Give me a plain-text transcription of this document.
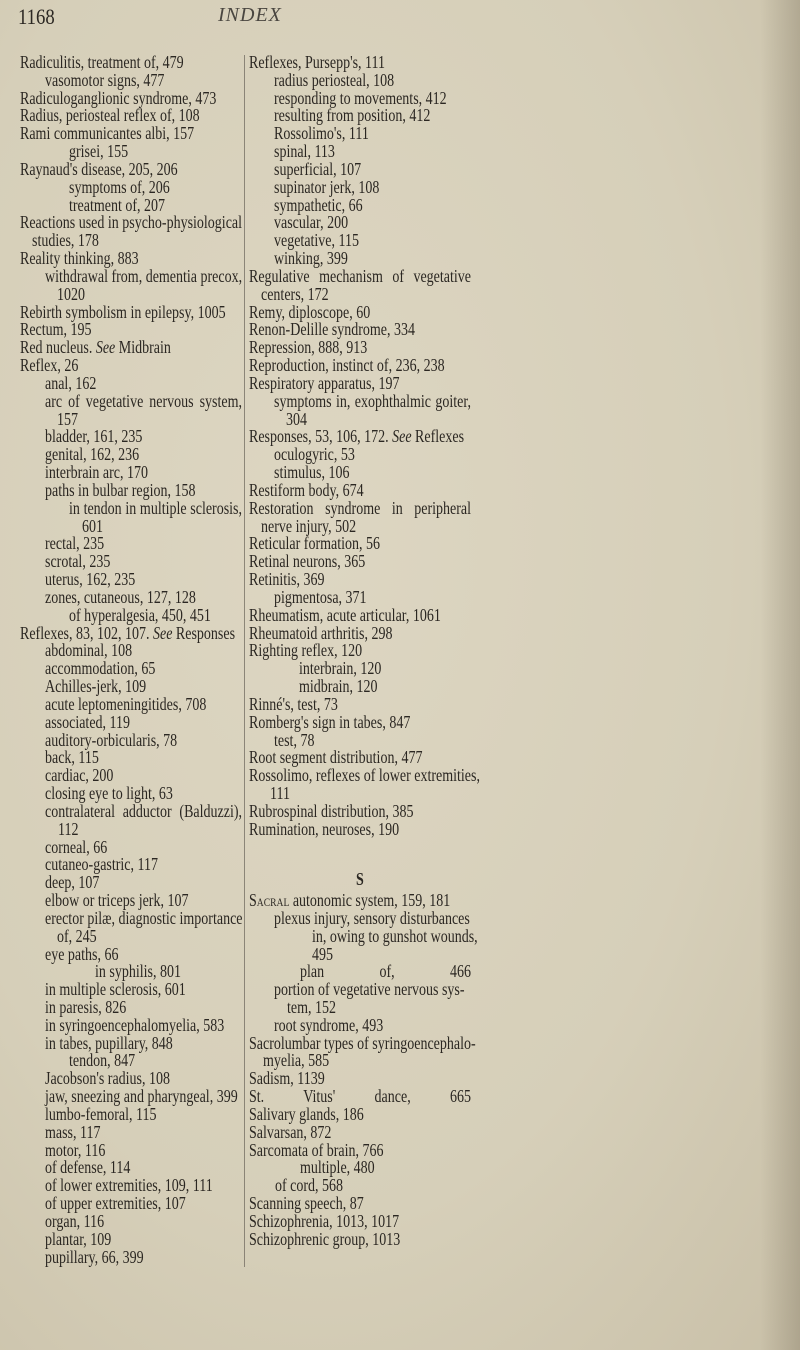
1168	INDEX
Radiculitis, treatment of, 479
vasomotor signs, 477
Radiculoganglionic syndrome, 473
Radius, periosteal reflex of, 108
Rami communicantes albi, 157
grisei, 155
Raynaud's disease, 205, 206
symptoms of, 206
treatment of, 207
Reactions used in psycho-physiological
studies, 178
Reality thinking, 883
withdrawal from, dementia precox,
1020
Rebirth symbolism in epilepsy, 1005
Rectum, 195
Red nucleus. See Midbrain
Reflex, 26
anal, 162
arc of vegetative nervous system,
157
bladder, 161, 235
genital, 162, 236
interbrain arc, 170
paths in bulbar region, 158
in tendon in multiple sclerosis,
601
rectal, 235
scrotal, 235
uterus, 162, 235
zones, cutaneous, 127, 128
of hyperalgesia, 450, 451
Reflexes, 83, 102, 107. See Responses
abdominal, 108
accommodation, 65
Achilles-jerk, 109
acute leptomeningitides, 708
associated, 119
auditory-orbicularis, 78
back, 115
cardiac, 200
closing eye to light, 63
contralateral adductor (Balduzzi),
112
corneal, 66
cutaneo-gastric, 117
deep, 107
elbow or triceps jerk, 107
erector pilæ, diagnostic importance
of, 245
eye paths, 66
in syphilis, 801
in multiple sclerosis, 601
in paresis, 826
in syringoencephalomyelia, 583
in tabes, pupillary, 848
tendon, 847
Jacobson's radius, 108
jaw, sneezing and pharyngeal, 399
lumbo-femoral, 115
mass, 117
motor, 116
of defense, 114
of lower extremities, 109, 111
of upper extremities, 107
organ, 116
plantar, 109
pupillary, 66, 399
Reflexes, Pursepp's, 111
radius periosteal, 108
responding to movements, 412
resulting from position, 412
Rossolimo's, 111
spinal, 113
superficial, 107
supinator jerk, 108
sympathetic, 66
vascular, 200
vegetative, 115
winking, 399
Regulative mechanism of vegetative
centers, 172
Remy, diploscope, 60
Renon-Delille syndrome, 334
Repression, 888, 913
Reproduction, instinct of, 236, 238
Respiratory apparatus, 197
symptoms in, exophthalmic goiter,
304
Responses, 53, 106, 172. See Reflexes
oculogyric, 53
stimulus, 106
Restiform body, 674
Restoration syndrome in peripheral
nerve injury, 502
Reticular formation, 56
Retinal neurons, 365
Retinitis, 369
pigmentosa, 371
Rheumatism, acute articular, 1061
Rheumatoid arthritis, 298
Righting reflex, 120
interbrain, 120
midbrain, 120
Rinné's, test, 73
Romberg's sign in tabes, 847
test, 78
Root segment distribution, 477
Rossolimo, reflexes of lower extremities,
111
Rubrospinal distribution, 385
Rumination, neuroses, 190
S
Sacral autonomic system, 159, 181
plexus injury, sensory disturbances
in, owing to gunshot wounds,
495
plan of, 466
portion of vegetative nervous sys-
tem, 152
root syndrome, 493
Sacrolumbar types of syringoencephalo-
myelia, 585
Sadism, 1139
St. Vitus' dance, 665
Salivary glands, 186
Salvarsan, 872
Sarcomata of brain, 766
multiple, 480
of cord, 568
Scanning speech, 87
Schizophrenia, 1013, 1017
Schizophrenic group, 1013
